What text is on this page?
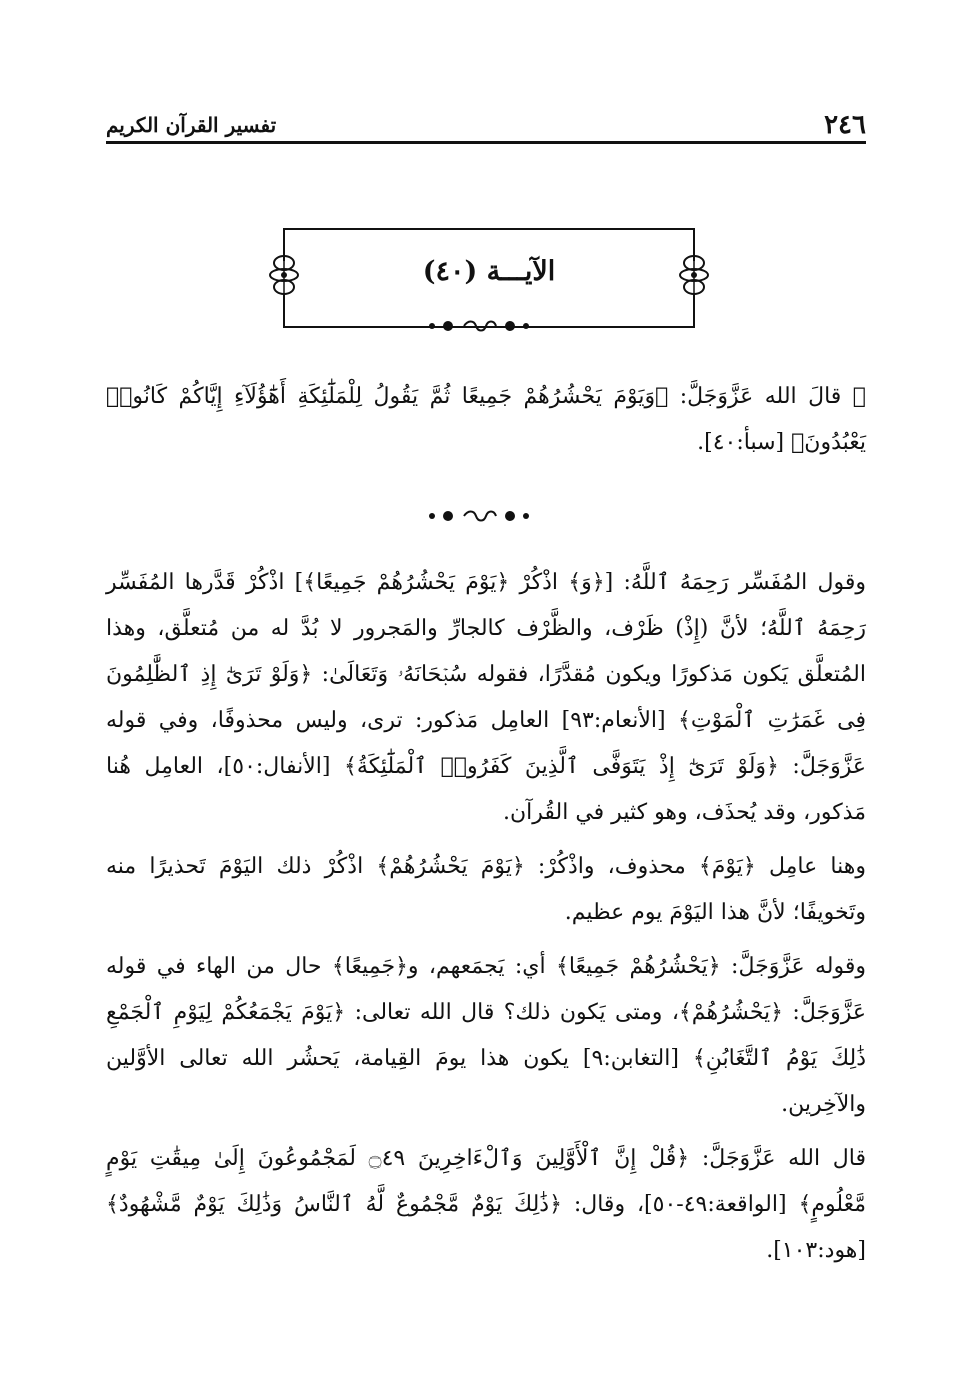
٢٤٦
تفسير القرآن الكريم
الآيـــة (٤٠)

۞ قالَ الله عَزَّوَجَلَّ: ﴿وَيَوْمَ يَحْشُرُهُمْ جَمِيعًا ثُمَّ يَقُولُ لِلْمَلَٰٓئِكَةِ أَهَٰٓؤُلَآءِ إِيَّاكُمْ كَانُوا۟ يَعْبُدُونَ﴾ [سبأ:٤٠].

وقول المُفَسِّر رَحِمَهُ ٱللَّهُ: [﴿وَ﴾ اذْكُرْ ﴿يَوْمَ يَحْشُرُهُمْ جَمِيعًا﴾] اذْكُرْ قَدَّرها المُفَسِّر رَحِمَهُ ٱللَّهُ؛ لأنَّ (إِذْ) ظَرْف، والظَّرْف كالجارِّ والمَجرور لا بُدَّ له من مُتعلَّق، وهذا المُتعلَّق يَكون مَذكورًا ويكون مُقدَّرًا، فقوله سُبۡحَانَهُۥ وَتَعَالَىٰ: ﴿وَلَوْ تَرَىٰٓ إِذِ ٱلظَّٰلِمُونَ فِى غَمَرَٰتِ ٱلْمَوْتِ﴾ [الأنعام:٩٣] العامِل مَذكور: ترى، وليس محذوفًا، وفي قوله عَزَّوَجَلَّ: ﴿وَلَوْ تَرَىٰٓ إِذْ يَتَوَفَّى ٱلَّذِينَ كَفَرُوا۟ ٱلْمَلَٰٓئِكَةُ﴾ [الأنفال:٥٠]، العامِل هُنا مَذكور، وقد يُحذَف، وهو كثير في القُرآن.

وهنا عامِل ﴿يَوْمَ﴾ محذوف، واذْكُرْ: ﴿يَوْمَ يَحْشُرُهُمْ﴾ اذْكُرْ ذلك اليَوْمَ تَحذيرًا منه وتَخويفًا؛ لأنَّ هذا اليَوْمَ يوم عظيم.

وقوله عَزَّوَجَلَّ: ﴿يَحْشُرُهُمْ جَمِيعًا﴾ أي: يَجمَعهم، و﴿جَمِيعًا﴾ حال من الهاء في قوله عَزَّوَجَلَّ: ﴿يَحْشُرُهُمْ﴾، ومتى يَكون ذلك؟ قال الله تعالى: ﴿يَوْمَ يَجْمَعُكُمْ لِيَوْمِ ٱلْجَمْعِ ذَٰلِكَ يَوْمُ ٱلتَّغَابُنِ﴾ [التغابن:٩] يكون هذا يومَ القِيامة، يَحشُر الله تعالى الأوَّلين والآخِرين.

قال الله عَزَّوَجَلَّ: ﴿قُلْ إِنَّ ٱلْأَوَّلِينَ وَٱلْءَاخِرِينَ ۝٤٩ لَمَجْمُوعُونَ إِلَىٰ مِيقَٰتِ يَوْمٍ مَّعْلُومٍ﴾ [الواقعة:٤٩-٥٠]، وقال: ﴿ذَٰلِكَ يَوْمٌ مَّجْمُوعٌ لَّهُ ٱلنَّاسُ وَذَٰلِكَ يَوْمٌ مَّشْهُودٌ﴾ [هود:١٠٣].
